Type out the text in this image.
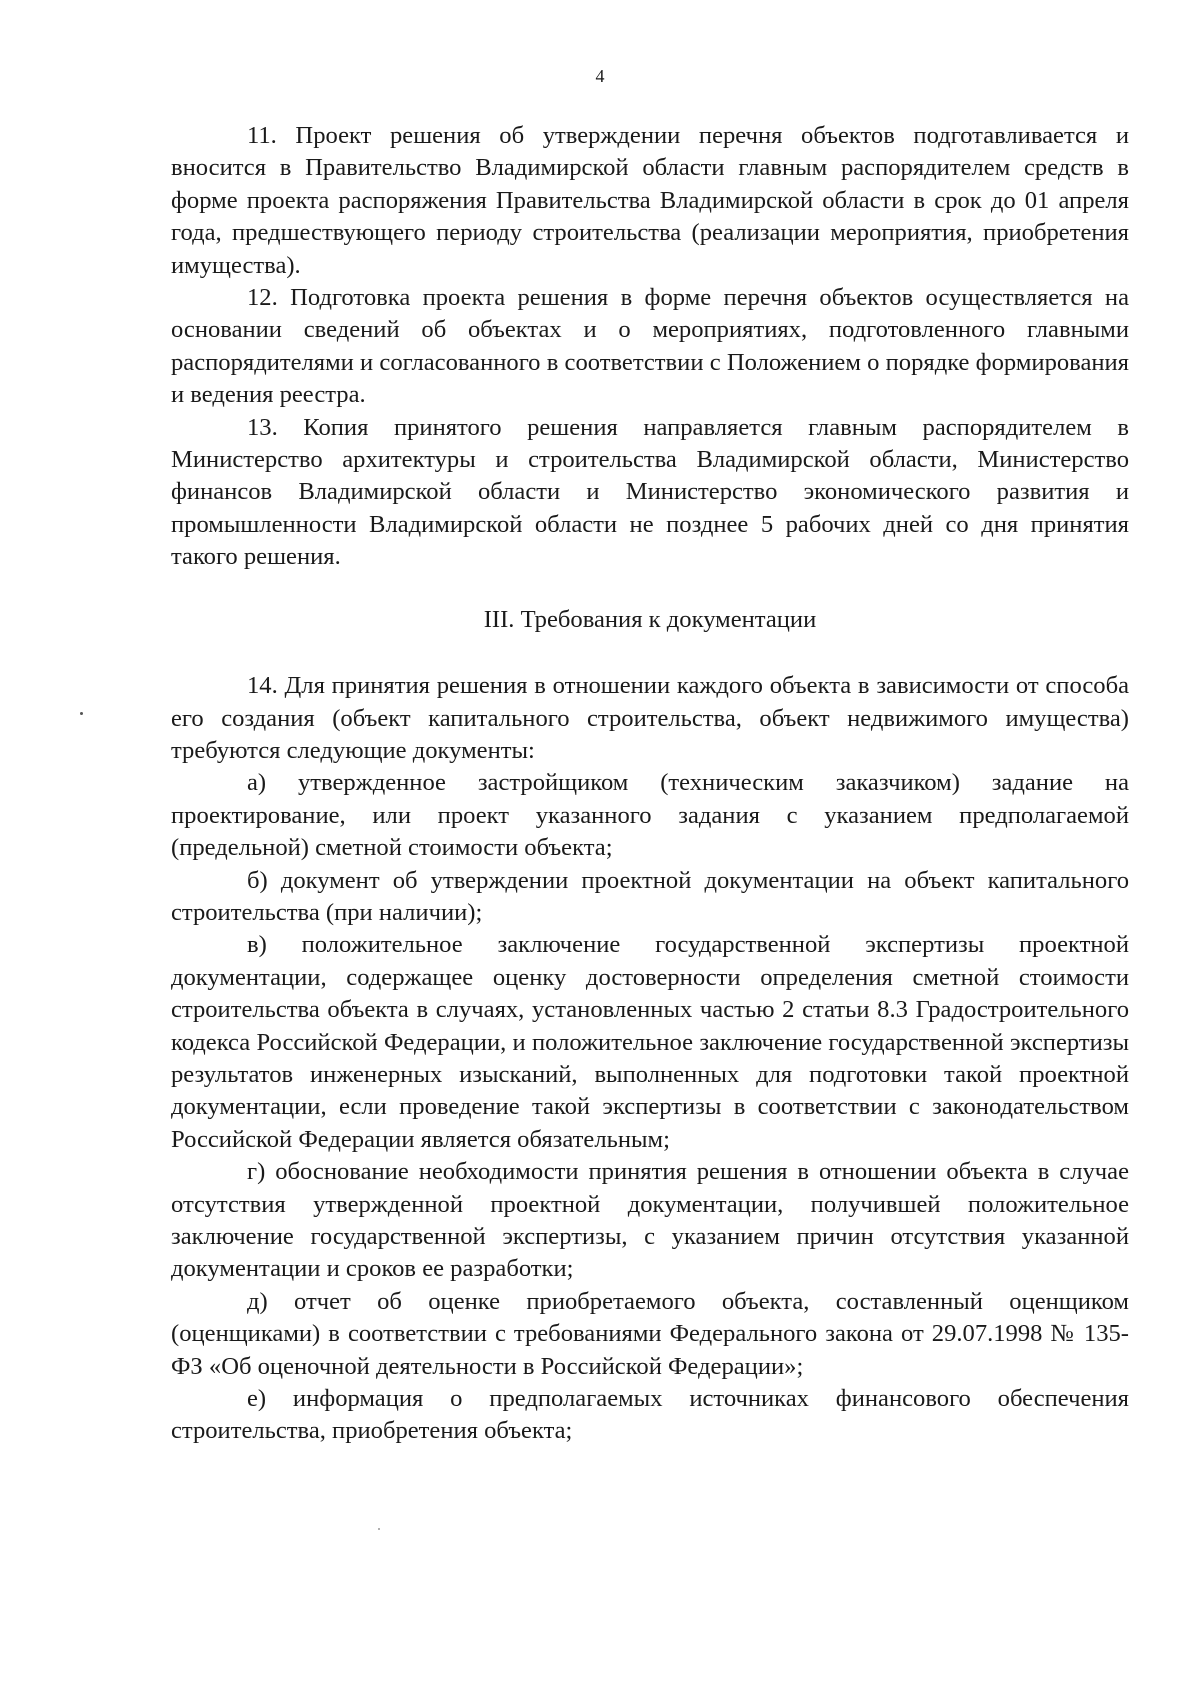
4

11. Проект решения об утверждении перечня объектов подготавливается и вносится в Правительство Владимирской области главным распорядителем средств в форме проекта распоряжения Правительства Владимирской области в срок до 01 апреля года, предшествующего периоду строительства (реализации мероприятия, приобретения имущества).

12. Подготовка проекта решения в форме перечня объектов осуществляется на основании сведений об объектах и о мероприятиях, подготовленного главными распорядителями и согласованного в соответствии с Положением о порядке формирования и ведения реестра.

13. Копия принятого решения направляется главным распорядителем в Министерство архитектуры и строительства Владимирской области, Министерство финансов Владимирской области и Министерство экономического развития и промышленности Владимирской области не позднее 5 рабочих дней со дня принятия такого решения.

III. Требования к документации

14. Для принятия решения в отношении каждого объекта в зависимости от способа его создания (объект капитального строительства, объект недвижимого имущества) требуются следующие документы:

а) утвержденное застройщиком (техническим заказчиком) задание на проектирование, или проект указанного задания с указанием предполагаемой (предельной) сметной стоимости объекта;

б) документ об утверждении проектной документации на объект капитального строительства (при наличии);

в) положительное заключение государственной экспертизы проектной документации, содержащее оценку достоверности определения сметной стоимости строительства объекта в случаях, установленных частью 2 статьи 8.3 Градостроительного кодекса Российской Федерации, и положительное заключение государственной экспертизы результатов инженерных изысканий, выполненных для подготовки такой проектной документации, если проведение такой экспертизы в соответствии с законодательством Российской Федерации является обязательным;

г) обоснование необходимости принятия решения в отношении объекта в случае отсутствия утвержденной проектной документации, получившей положительное заключение государственной экспертизы, с указанием причин отсутствия указанной документации и сроков ее разработки;

д) отчет об оценке приобретаемого объекта, составленный оценщиком (оценщиками) в соответствии с требованиями Федерального закона от 29.07.1998 № 135-ФЗ «Об оценочной деятельности в Российской Федерации»;

е) информация о предполагаемых источниках финансового обеспечения строительства, приобретения объекта;
